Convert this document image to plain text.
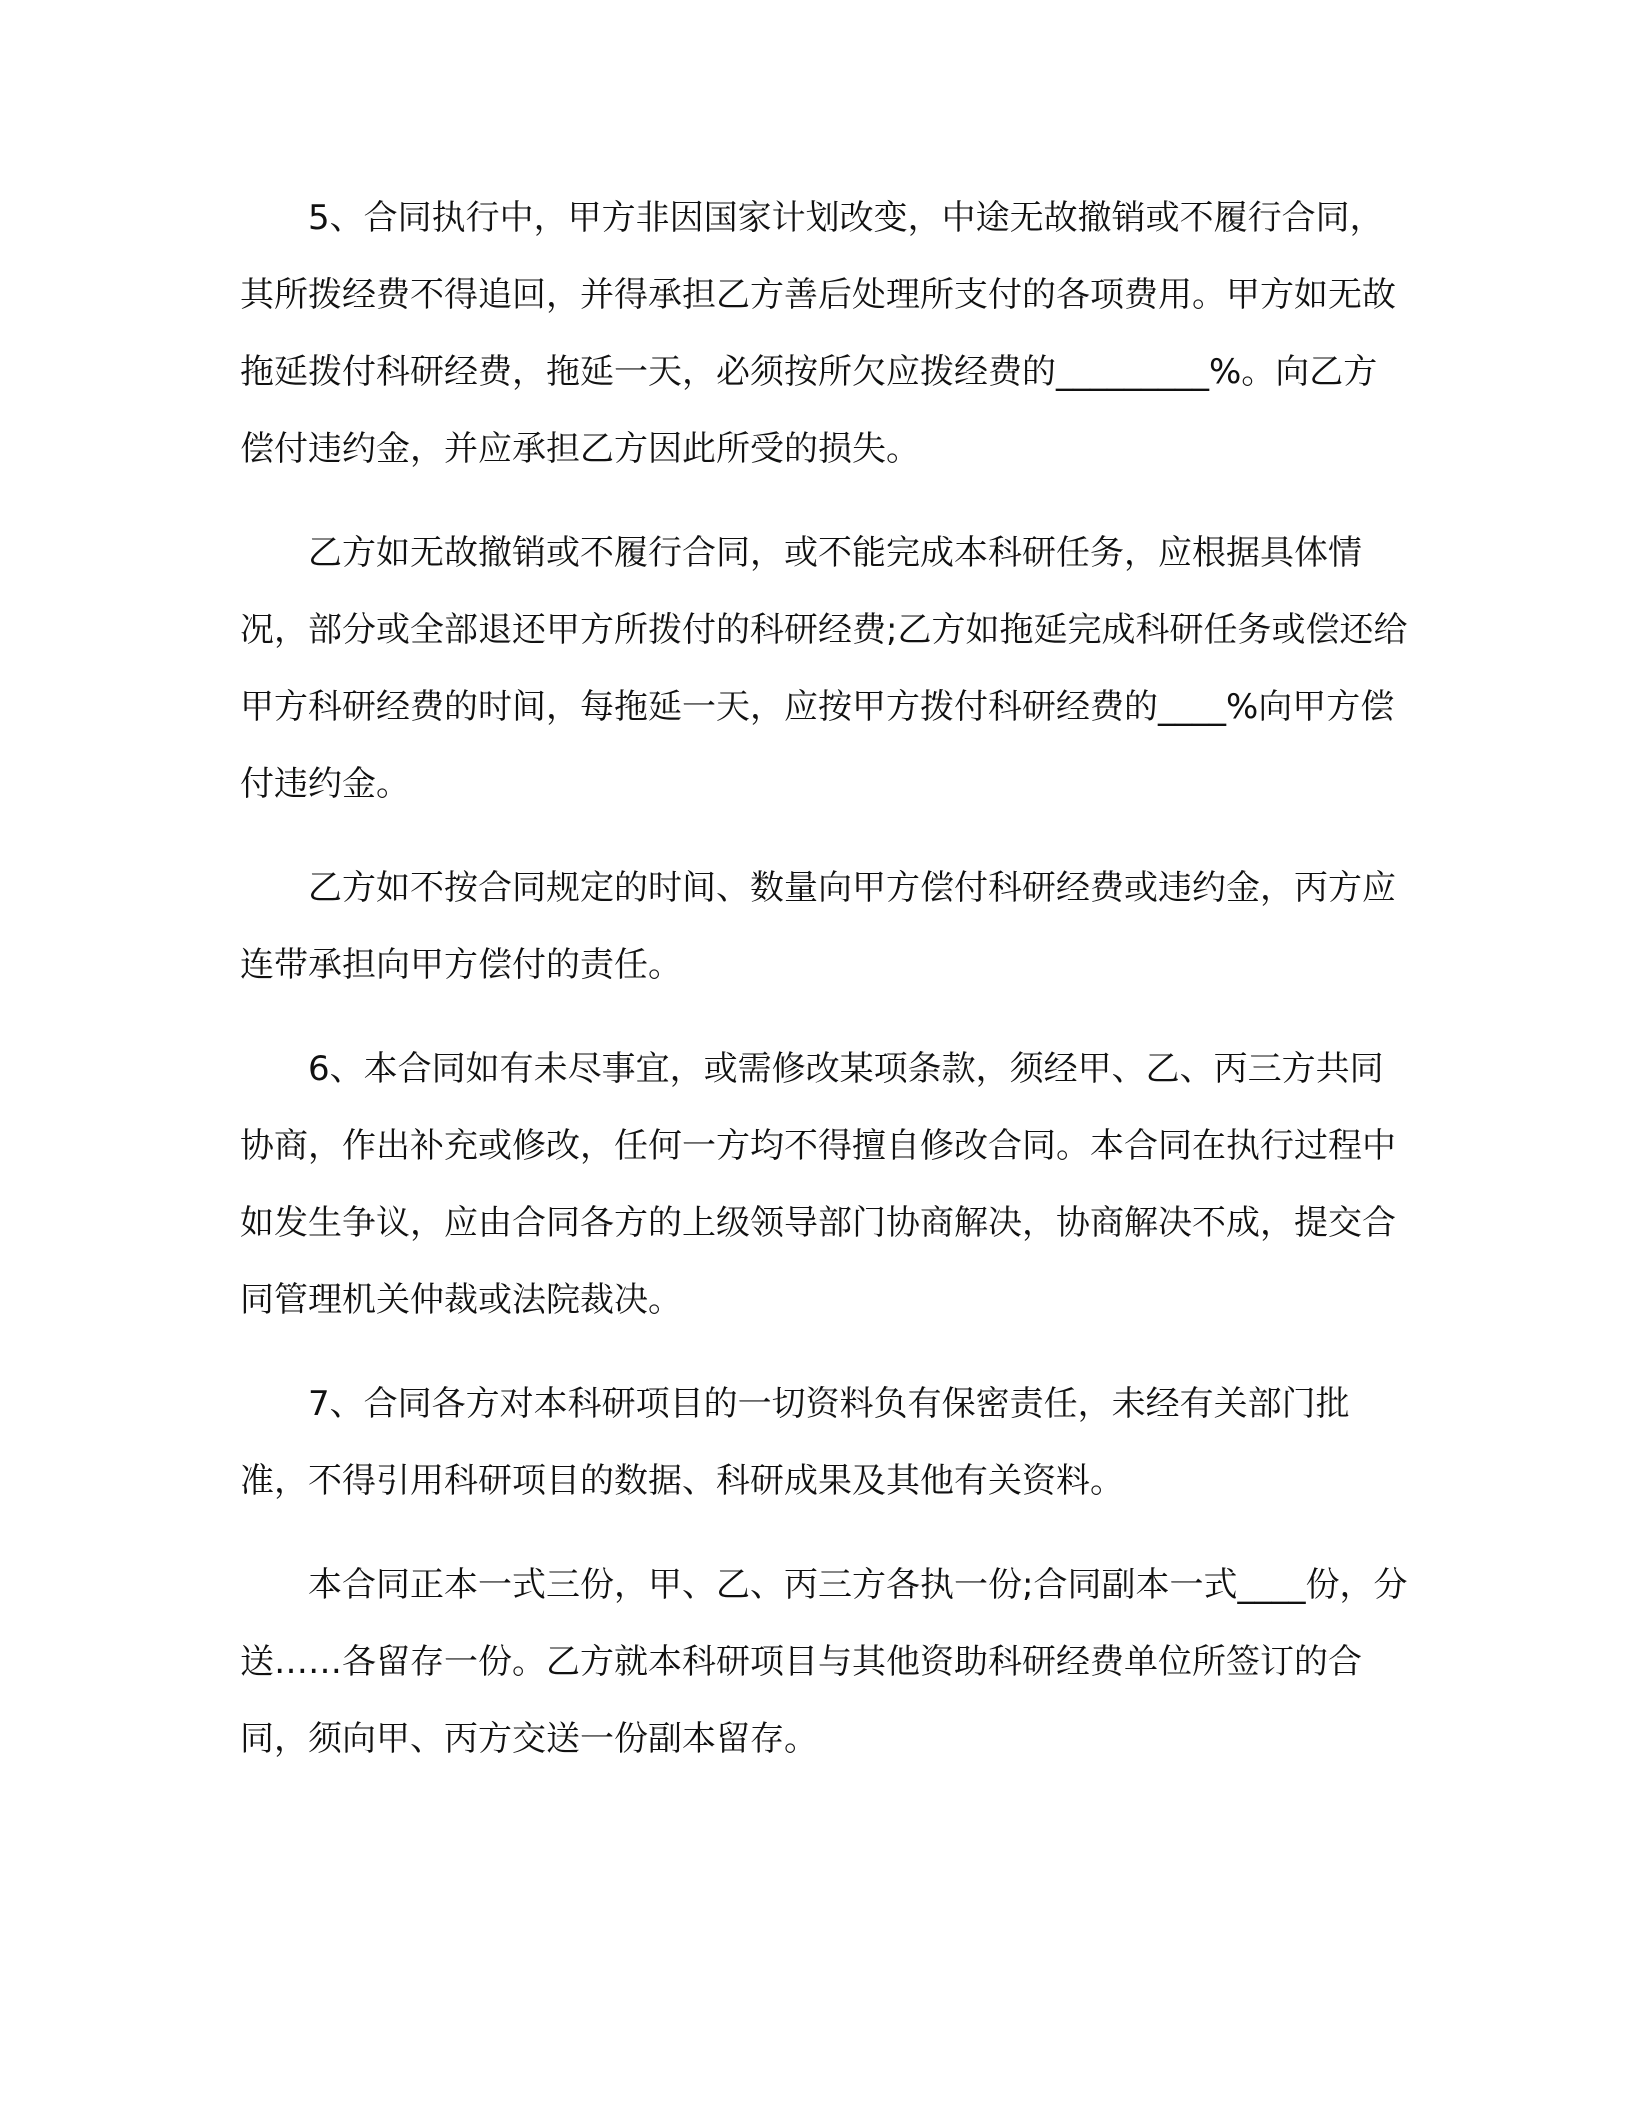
5、合同执行中，甲方非因国家计划改变，中途无故撤销或不履行合同，其所拨经费不得追回，并得承担乙方善后处理所支付的各项费用。甲方如无故拖延拨付科研经费，拖延一天，必须按所欠应拨经费的_________%。向乙方偿付违约金，并应承担乙方因此所受的损失。

乙方如无故撤销或不履行合同，或不能完成本科研任务，应根据具体情况，部分或全部退还甲方所拨付的科研经费;乙方如拖延完成科研任务或偿还给甲方科研经费的时间，每拖延一天，应按甲方拨付科研经费的____%向甲方偿付违约金。

乙方如不按合同规定的时间、数量向甲方偿付科研经费或违约金，丙方应连带承担向甲方偿付的责任。

6、本合同如有未尽事宜，或需修改某项条款，须经甲、乙、丙三方共同协商，作出补充或修改，任何一方均不得擅自修改合同。本合同在执行过程中如发生争议，应由合同各方的上级领导部门协商解决，协商解决不成，提交合同管理机关仲裁或法院裁决。

7、合同各方对本科研项目的一切资料负有保密责任，未经有关部门批准，不得引用科研项目的数据、科研成果及其他有关资料。

本合同正本一式三份，甲、乙、丙三方各执一份;合同副本一式____份，分送……各留存一份。乙方就本科研项目与其他资助科研经费单位所签订的合同，须向甲、丙方交送一份副本留存。
